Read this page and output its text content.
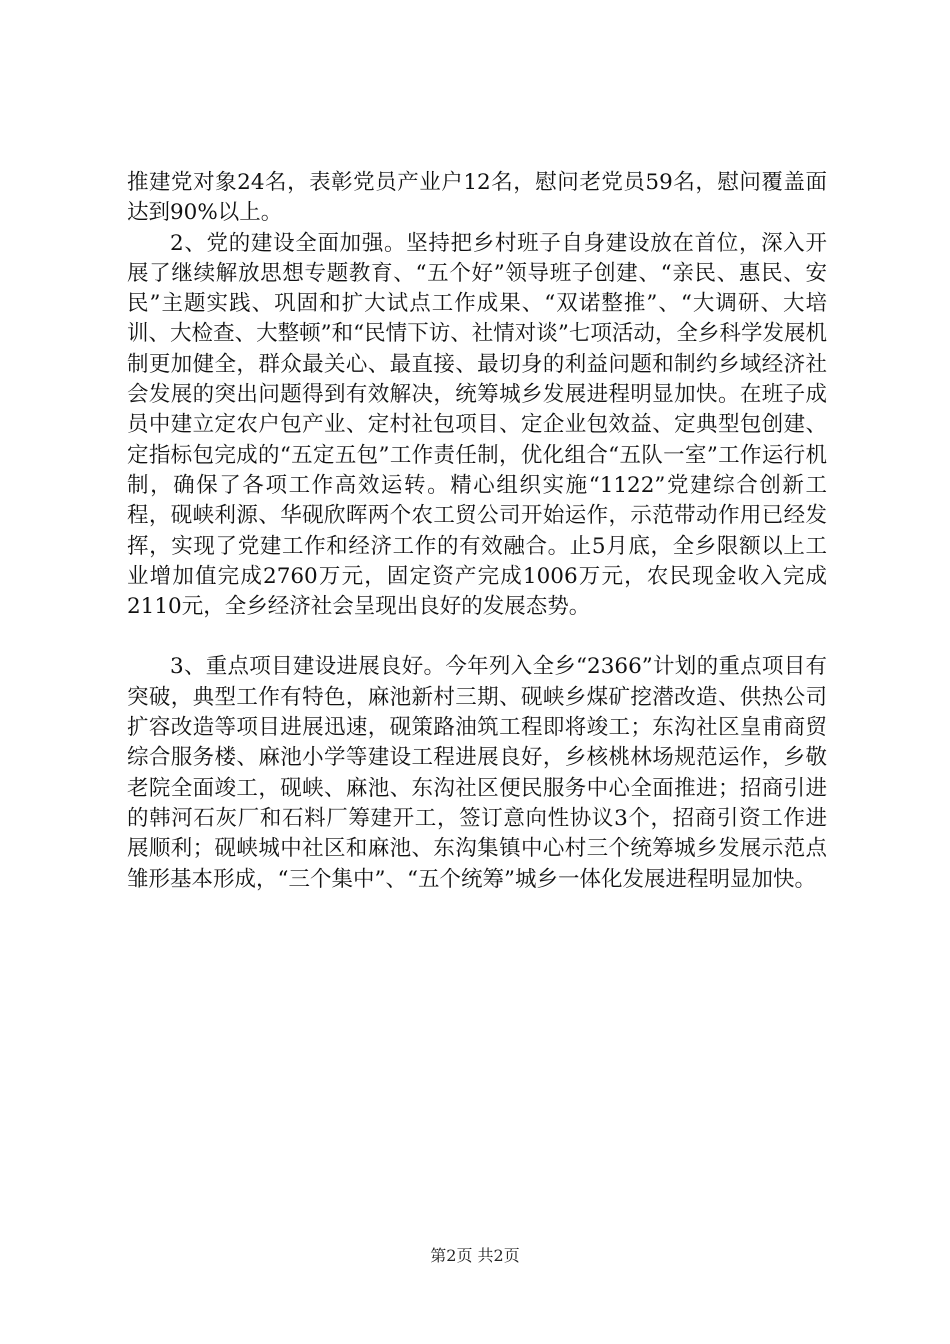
推建党对象24名，表彰党员产业户12名，慰问老党员59名，慰问覆盖面达到90%以上。

2、党的建设全面加强。坚持把乡村班子自身建设放在首位，深入开展了继续解放思想专题教育、“五个好”领导班子创建、“亲民、惠民、安民”主题实践、巩固和扩大试点工作成果、“双诺整推”、“大调研、大培训、大检查、大整顿”和“民情下访、社情对谈”七项活动，全乡科学发展机制更加健全，群众最关心、最直接、最切身的利益问题和制约乡域经济社会发展的突出问题得到有效解决，统筹城乡发展进程明显加快。在班子成员中建立定农户包产业、定村社包项目、定企业包效益、定典型包创建、定指标包完成的“五定五包”工作责任制，优化组合“五队一室”工作运行机制，确保了各项工作高效运转。精心组织实施“1122”党建综合创新工程，砚峡利源、华砚欣晖两个农工贸公司开始运作，示范带动作用已经发挥，实现了党建工作和经济工作的有效融合。止5月底，全乡限额以上工业增加值完成2760万元，固定资产完成1006万元，农民现金收入完成2110元，全乡经济社会呈现出良好的发展态势。

3、重点项目建设进展良好。今年列入全乡“2366”计划的重点项目有突破，典型工作有特色，麻池新村三期、砚峡乡煤矿挖潜改造、供热公司扩容改造等项目进展迅速，砚策路油筑工程即将竣工；东沟社区皇甫商贸综合服务楼、麻池小学等建设工程进展良好，乡核桃林场规范运作，乡敬老院全面竣工，砚峡、麻池、东沟社区便民服务中心全面推进；招商引进的韩河石灰厂和石料厂筹建开工，签订意向性协议3个，招商引资工作进展顺利；砚峡城中社区和麻池、东沟集镇中心村三个统筹城乡发展示范点雏形基本形成，“三个集中”、“五个统筹”城乡一体化发展进程明显加快。

第2页 共2页
